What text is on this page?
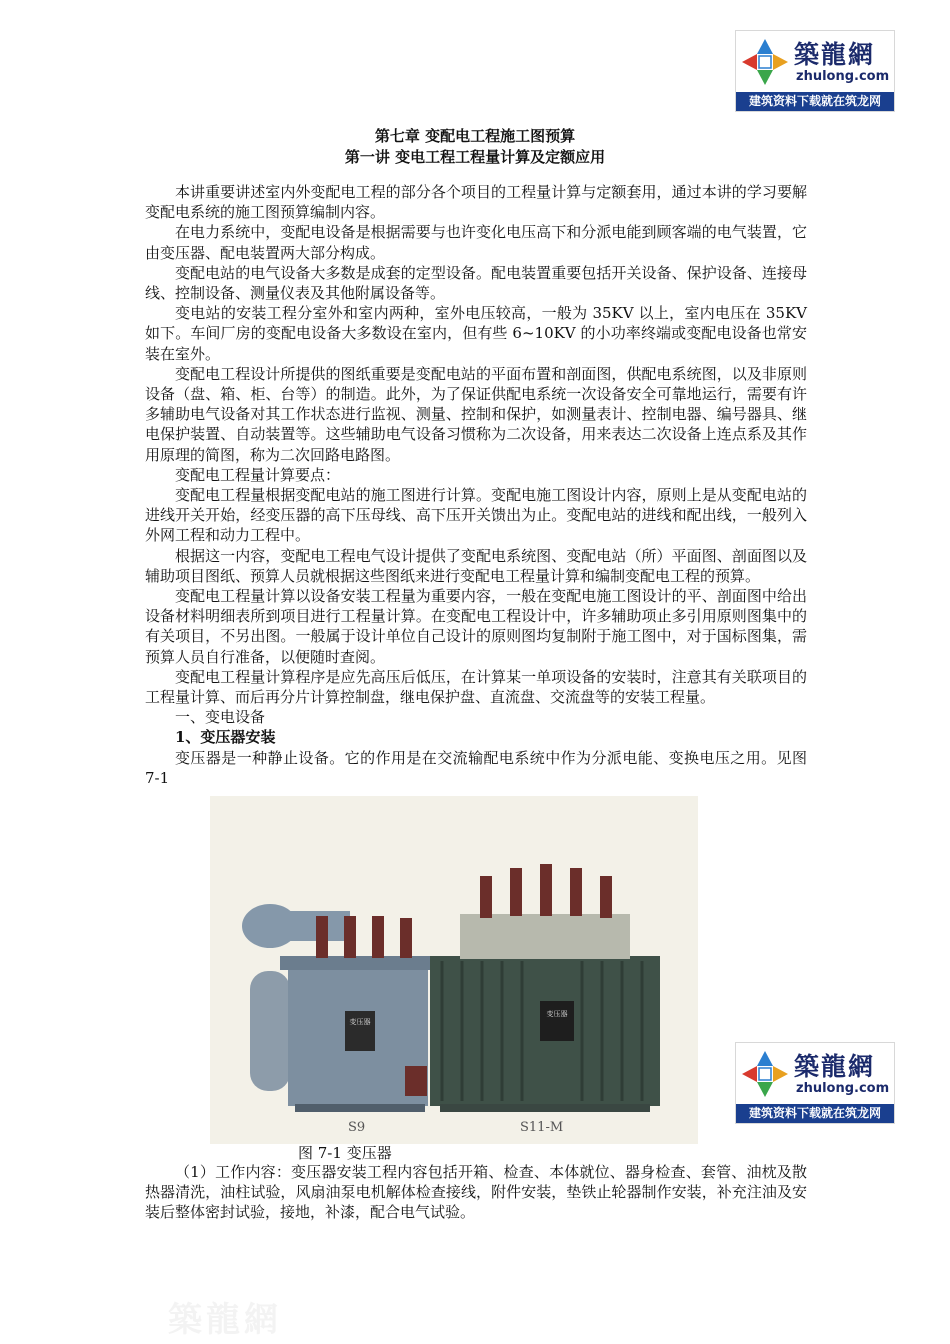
築龍網
zhulong.com
建筑资料下载就在筑龙网
第七章 变配电工程施工图预算
第一讲 变电工程工程量计算及定额应用

本讲重要讲述室内外变配电工程的部分各个项目的工程量计算与定额套用，通过本讲的学习要解变配电系统的施工图预算编制内容。

在电力系统中，变配电设备是根据需要与也许变化电压高下和分派电能到顾客端的电气装置，它由变压器、配电装置两大部分构成。

变配电站的电气设备大多数是成套的定型设备。配电装置重要包括开关设备、保护设备、连接母线、控制设备、测量仪表及其他附属设备等。

变电站的安装工程分室外和室内两种，室外电压较高，一般为 35KV 以上，室内电压在 35KV 如下。车间厂房的变配电设备大多数设在室内，但有些 6~10KV 的小功率终端或变配电设备也常安装在室外。

变配电工程设计所提供的图纸重要是变配电站的平面布置和剖面图，供配电系统图，以及非原则设备（盘、箱、柜、台等）的制造。此外，为了保证供配电系统一次设备安全可靠地运行，需要有许多辅助电气设备对其工作状态进行监视、测量、控制和保护，如测量表计、控制电器、编号器具、继电保护装置、自动装置等。这些辅助电气设备习惯称为二次设备，用来表达二次设备上连点系及其作用原理的简图，称为二次回路电路图。

变配电工程量计算要点：

变配电工程量根据变配电站的施工图进行计算。变配电施工图设计内容，原则上是从变配电站的进线开关开始，经变压器的高下压母线、高下压开关馈出为止。变配电站的进线和配出线，一般列入外网工程和动力工程中。

根据这一内容，变配电工程电气设计提供了变配电系统图、变配电站（所）平面图、剖面图以及辅助项目图纸、预算人员就根据这些图纸来进行变配电工程量计算和编制变配电工程的预算。

变配电工程量计算以设备安装工程量为重要内容，一般在变配电施工图设计的平、剖面图中给出设备材料明细表所到项目进行工程量计算。在变配电工程设计中，许多辅助项止多引用原则图集中的有关项目，不另出图。一般属于设计单位自己设计的原则图均复制附于施工图中，对于国标图集，需预算人员自行准备，以便随时查阅。

变配电工程量计算程序是应先高压后低压，在计算某一单项设备的安装时，注意其有关联项目的工程量计算、而后再分片计算控制盘，继电保护盘、直流盘、交流盘等的安装工程量。

一、变电设备

1、变压器安装

变压器是一种静止设备。它的作用是在交流输配电系统中作为分派电能、变换电压之用。见图 7-1

变压器
变压器
S9	S11-M
築龍網
zhulong.com
建筑资料下载就在筑龙网
图 7-1 变压器

（1）工作内容：变压器安装工程内容包括开箱、检查、本体就位、器身检查、套管、油枕及散热器清洗，油柱试验，风扇油泵电机解体检查接线，附件安装，垫铁止轮器制作安装，补充注油及安装后整体密封试验，接地，补漆，配合电气试验。

築龍網
